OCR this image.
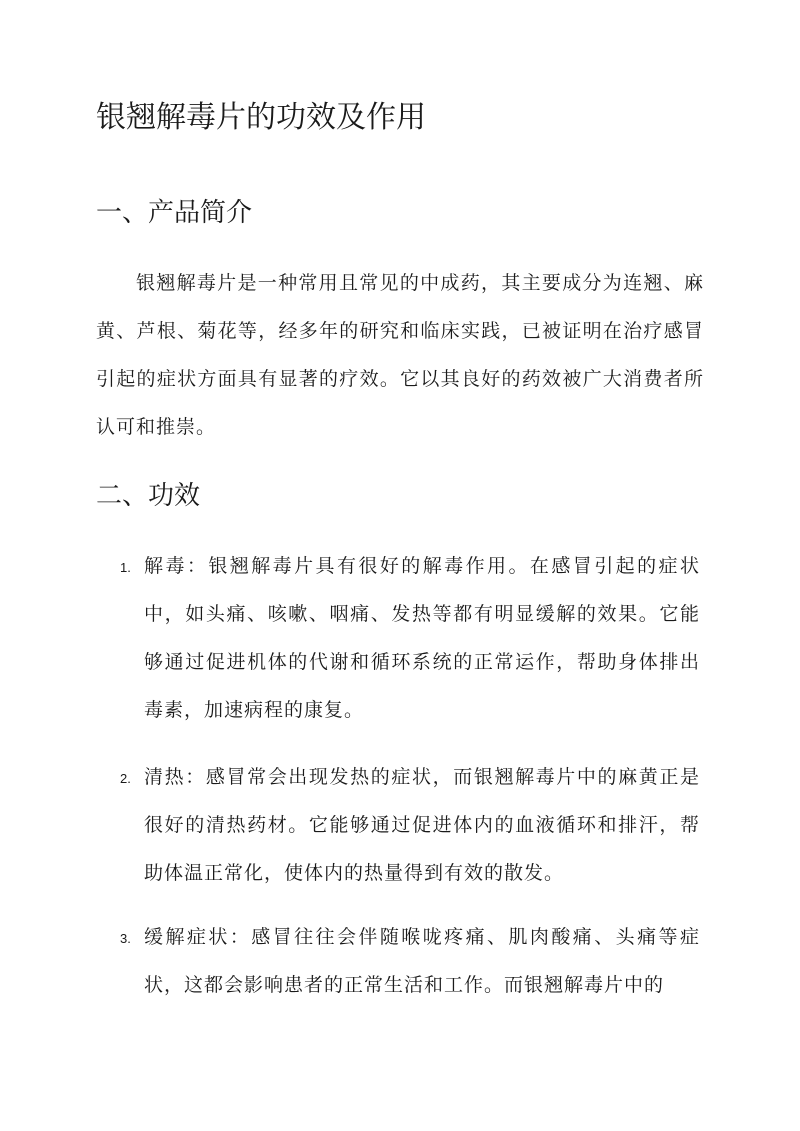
银翘解毒片的功效及作用
一、产品简介

银翘解毒片是一种常用且常见的中成药，其主要成分为连翘、麻黄、芦根、菊花等，经多年的研究和临床实践，已被证明在治疗感冒引起的症状方面具有显著的疗效。它以其良好的药效被广大消费者所认可和推崇。

二、功效
1. 解毒：银翘解毒片具有很好的解毒作用。在感冒引起的症状中，如头痛、咳嗽、咽痛、发热等都有明显缓解的效果。它能够通过促进机体的代谢和循环系统的正常运作，帮助身体排出毒素，加速病程的康复。

2. 清热：感冒常会出现发热的症状，而银翘解毒片中的麻黄正是很好的清热药材。它能够通过促进体内的血液循环和排汗，帮助体温正常化，使体内的热量得到有效的散发。

3. 缓解症状：感冒往往会伴随喉咙疼痛、肌肉酸痛、头痛等症状，这都会影响患者的正常生活和工作。而银翘解毒片中的
